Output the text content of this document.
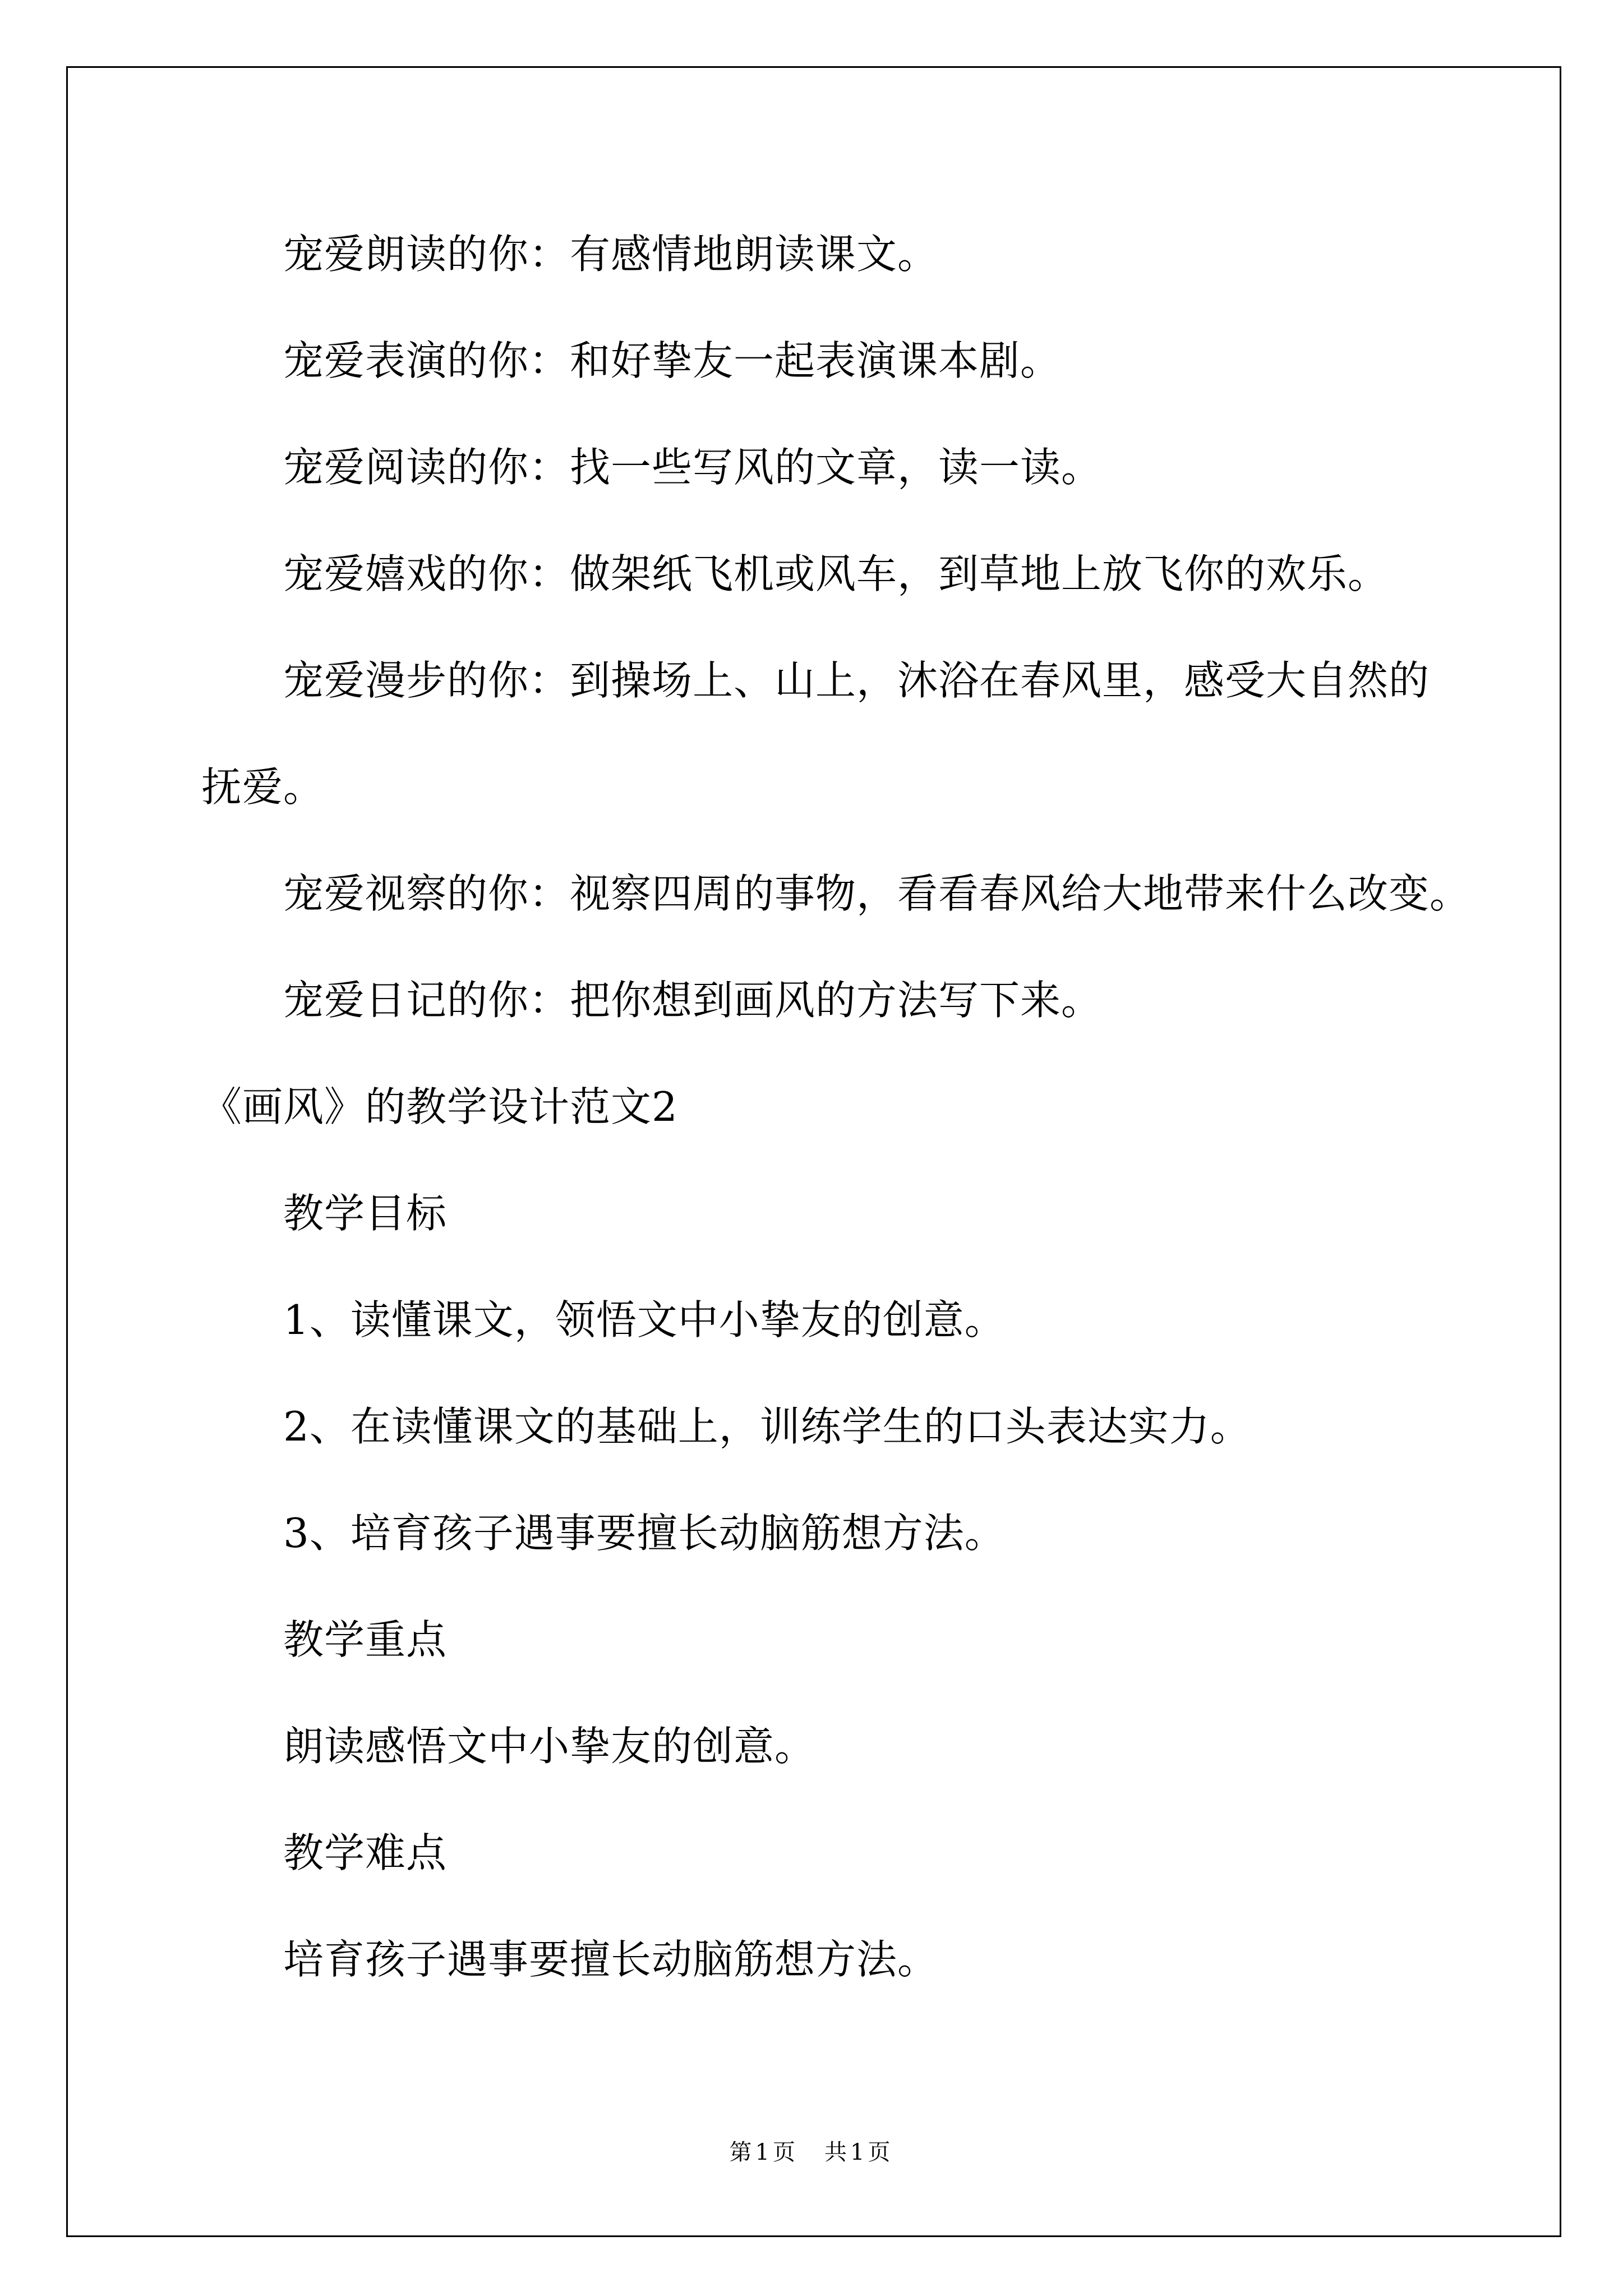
宠爱朗读的你：有感情地朗读课文。
宠爱表演的你：和好挚友一起表演课本剧。
宠爱阅读的你：找一些写风的文章，读一读。
宠爱嬉戏的你：做架纸飞机或风车，到草地上放飞你的欢乐。
宠爱漫步的你：到操场上、山上，沐浴在春风里，感受大自然的
抚爱。
宠爱视察的你：视察四周的事物，看看春风给大地带来什么改变。
宠爱日记的你：把你想到画风的方法写下来。
《画风》的教学设计范文2
教学目标
1、读懂课文，领悟文中小挚友的创意。
2、在读懂课文的基础上，训练学生的口头表达实力。
3、培育孩子遇事要擅长动脑筋想方法。
教学重点
朗读感悟文中小挚友的创意。
教学难点
培育孩子遇事要擅长动脑筋想方法。
第1页　共1页
